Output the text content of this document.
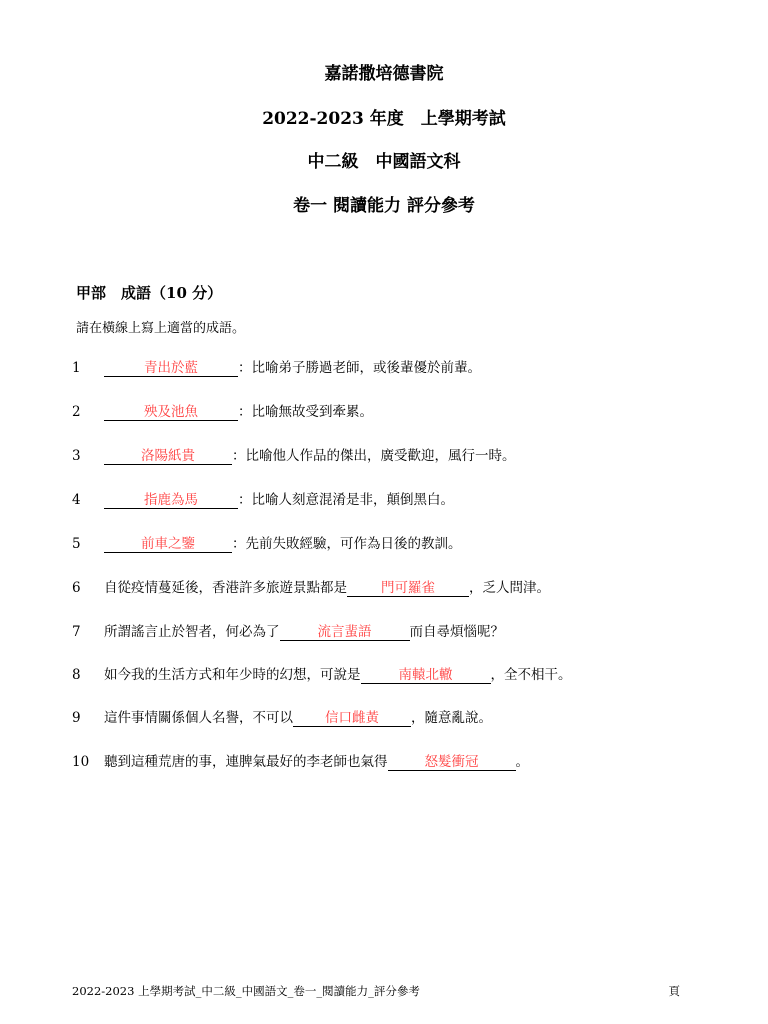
嘉諾撒培德書院
2022-2023 年度　上學期考試
中二級　中國語文科
卷一 閱讀能力 評分參考
甲部　成語（10 分）
請在橫線上寫上適當的成語。
1	青出於藍	：比喻弟子勝過老師，或後輩優於前輩。
2	殃及池魚	：比喻無故受到牽累。
3	洛陽紙貴	：比喻他人作品的傑出，廣受歡迎，風行一時。
4	指鹿為馬	：比喻人刻意混淆是非，顛倒黑白。
5	前車之鑒	：先前失敗經驗，可作為日後的教訓。
6 自從疫情蔓延後，香港許多旅遊景點都是	門可羅雀	，乏人問津。
7 所謂謠言止於智者，何必為了	流言蜚語	而自尋煩惱呢？
8 如今我的生活方式和年少時的幻想，可說是	南轅北轍	，全不相干。
9 這件事情關係個人名譽，不可以 信口雌黃 ，隨意亂說。
10 聽到這種荒唐的事，連脾氣最好的李老師也氣得	怒髮衝冠	。
2022-2023 上學期考試_中二級_中國語文_卷一_閱讀能力_評分參考	頁
